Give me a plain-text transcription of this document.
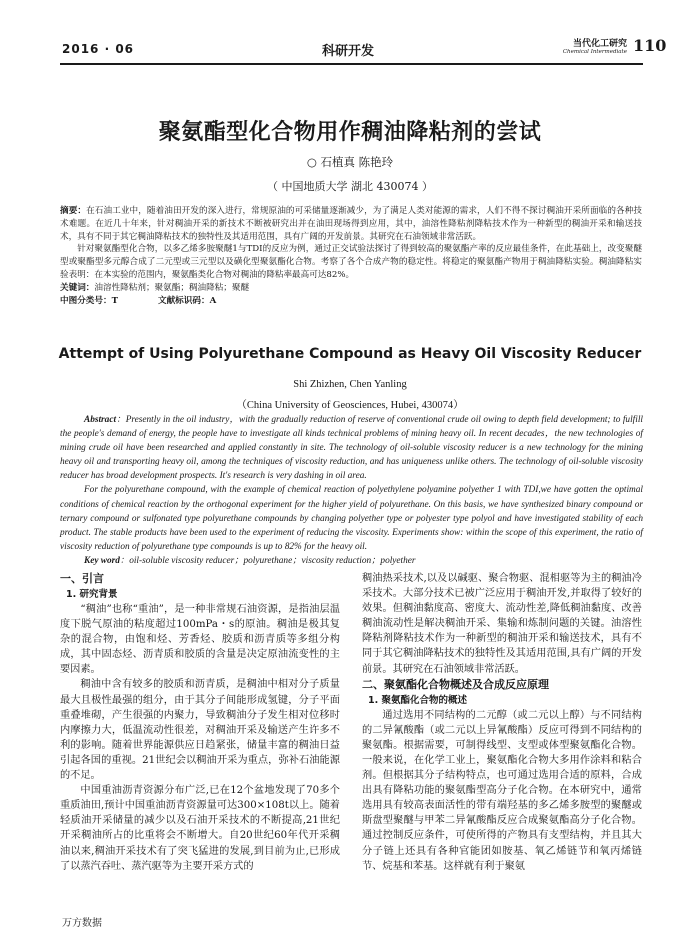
2016 · 06	科研开发	当代化工研究
Chemical Intermediate 110
聚氨酯型化合物用作稠油降粘剂的尝试
○ 石植真 陈艳玲
（ 中国地质大学 湖北 430074 ）

摘要：在石油工业中，随着油田开发的深入进行，常规原油的可采储量逐渐减少，为了满足人类对能源的需求，人们不得不探讨稠油开采所面临的各种技术难题。在近几十年来，针对稠油开采的新技术不断被研究出并在油田现场得到应用，其中，油溶性降粘剂降粘技术作为一种新型的稠油开采和输送技术，具有不同于其它稠油降粘技术的独特性及其适用范围，具有广阔的开发前景。其研究在石油领域非常活跃。

针对聚氨酯型化合物，以多乙烯多胺聚醚1与TDI的反应为例，通过正交试验法探讨了得到较高的聚氨酯产率的反应最佳条件，在此基础上，改变聚醚型或聚酯型多元醇合成了二元型或三元型以及磺化型聚氨酯化合物。考察了各个合成产物的稳定性。将稳定的聚氨酯产物用于稠油降粘实验。稠油降粘实验表明：在本实验的范围内，聚氨酯类化合物对稠油的降粘率最高可达82%。

关键词：油溶性降粘剂；聚氨酯；稠油降粘；聚醚

中图分类号：T	文献标识码：A

Attempt of Using Polyurethane Compound as Heavy Oil Viscosity Reducer
Shi Zhizhen, Chen Yanling
（China University of Geosciences, Hubei, 430074）

Abstract：Presently in the oil industry，with the gradually reduction of reserve of conventional crude oil owing to depth field development; to fulfill the people's demand of energy, the people have to investigate all kinds technical problems of mining heavy oil. In recent decades，the new technologies of mining crude oil have been researched and applied constantly in site. The technology of oil-soluble viscosity reducer is a new technology for the mining heavy oil and transporting heavy oil, among the techniques of viscosity reduction, and has uniqueness unlike others. The technology of oil-soluble viscosity reducer has broad development prospects. It's research is very dashing in oil area.

For the polyurethane compound, with the example of chemical reaction of polyethylene polyamine polyether 1 with TDI,we have gotten the optimal conditions of chemical reaction by the orthogonal experiment for the higher yield of polyurethane. On this basis, we have synthesized binary compound or ternary compound or sulfonated type polyurethane compounds by changing polyether type or polyester type polyol and have investigated stability of each product. The stable products have been used to the experiment of reducing the viscosity. Experiments show: within the scope of this experiment, the ratio of viscosity reduction of polyurethane type compounds is up to 82% for the heavy oil.

Key word：oil-soluble viscosity reducer；polyurethane；viscosity reduction；polyether

一、引言
1. 研究背景

“稠油”也称“重油”，是一种非常规石油资源，是指油层温度下脱气原油的粘度超过100mPa・s的原油。稠油是极其复杂的混合物，由饱和烃、芳香烃、胶质和沥青质等多组分构成，其中固态烃、沥青质和胶质的含量是决定原油流变性的主要因素。

稠油中含有较多的胶质和沥青质，是稠油中相对分子质量最大且极性最强的组分，由于其分子间能形成氢键，分子平面重叠堆砌，产生很强的内聚力，导致稠油分子发生相对位移时内摩擦力大，低温流动性很差，对稠油开采及输送产生许多不利的影响。随着世界能源供应日趋紧张，储量丰富的稠油日益引起各国的重视。21世纪会以稠油开采为重点，弥补石油能源的不足。

中国重油沥青资源分布广泛,已在12个盆地发现了70多个重质油田,预计中国重油沥青资源量可达300×108t以上。随着轻质油开采储量的减少以及石油开采技术的不断提高,21世纪开采稠油所占的比重将会不断增大。自20世纪60年代开采稠油以来,稠油开采技术有了突飞猛进的发展,到目前为止,已形成了以蒸汽吞吐、蒸汽驱等为主要开采方式的

稠油热采技术,以及以碱驱、聚合物驱、混相驱等为主的稠油冷采技术。大部分技术已被广泛应用于稠油开发,并取得了较好的效果。但稠油黏度高、密度大、流动性差,降低稠油黏度、改善稠油流动性是解决稠油开采、集输和炼制问题的关键。油溶性降粘剂降粘技术作为一种新型的稠油开采和输送技术，具有不同于其它稠油降粘技术的独特性及其适用范围,具有广阔的开发前景。其研究在石油领域非常活跃。

二、聚氨酯化合物概述及合成反应原理
1. 聚氨酯化合物的概述

通过选用不同结构的二元醇（或二元以上醇）与不同结构的二异氰酸酯（或二元以上异氰酸酯）反应可得到不同结构的聚氨酯。根据需要，可制得线型、支型或体型聚氨酯化合物。一般来说，在化学工业上，聚氨酯化合物大多用作涂料和粘合剂。但根据其分子结构特点，也可通过选用合适的原料，合成出具有降粘功能的聚氨酯型高分子化合物。在本研究中，通常选用具有较高表面活性的带有端羟基的多乙烯多胺型的聚醚或斯盘型聚醚与甲苯二异氰酸酯反应合成聚氨酯高分子化合物。通过控制反应条件，可使所得的产物具有支型结构，并且其大分子链上还具有各种官能团如胺基、氧乙烯链节和氧丙烯链节、烷基和苯基。这样就有利于聚氨

万方数据
